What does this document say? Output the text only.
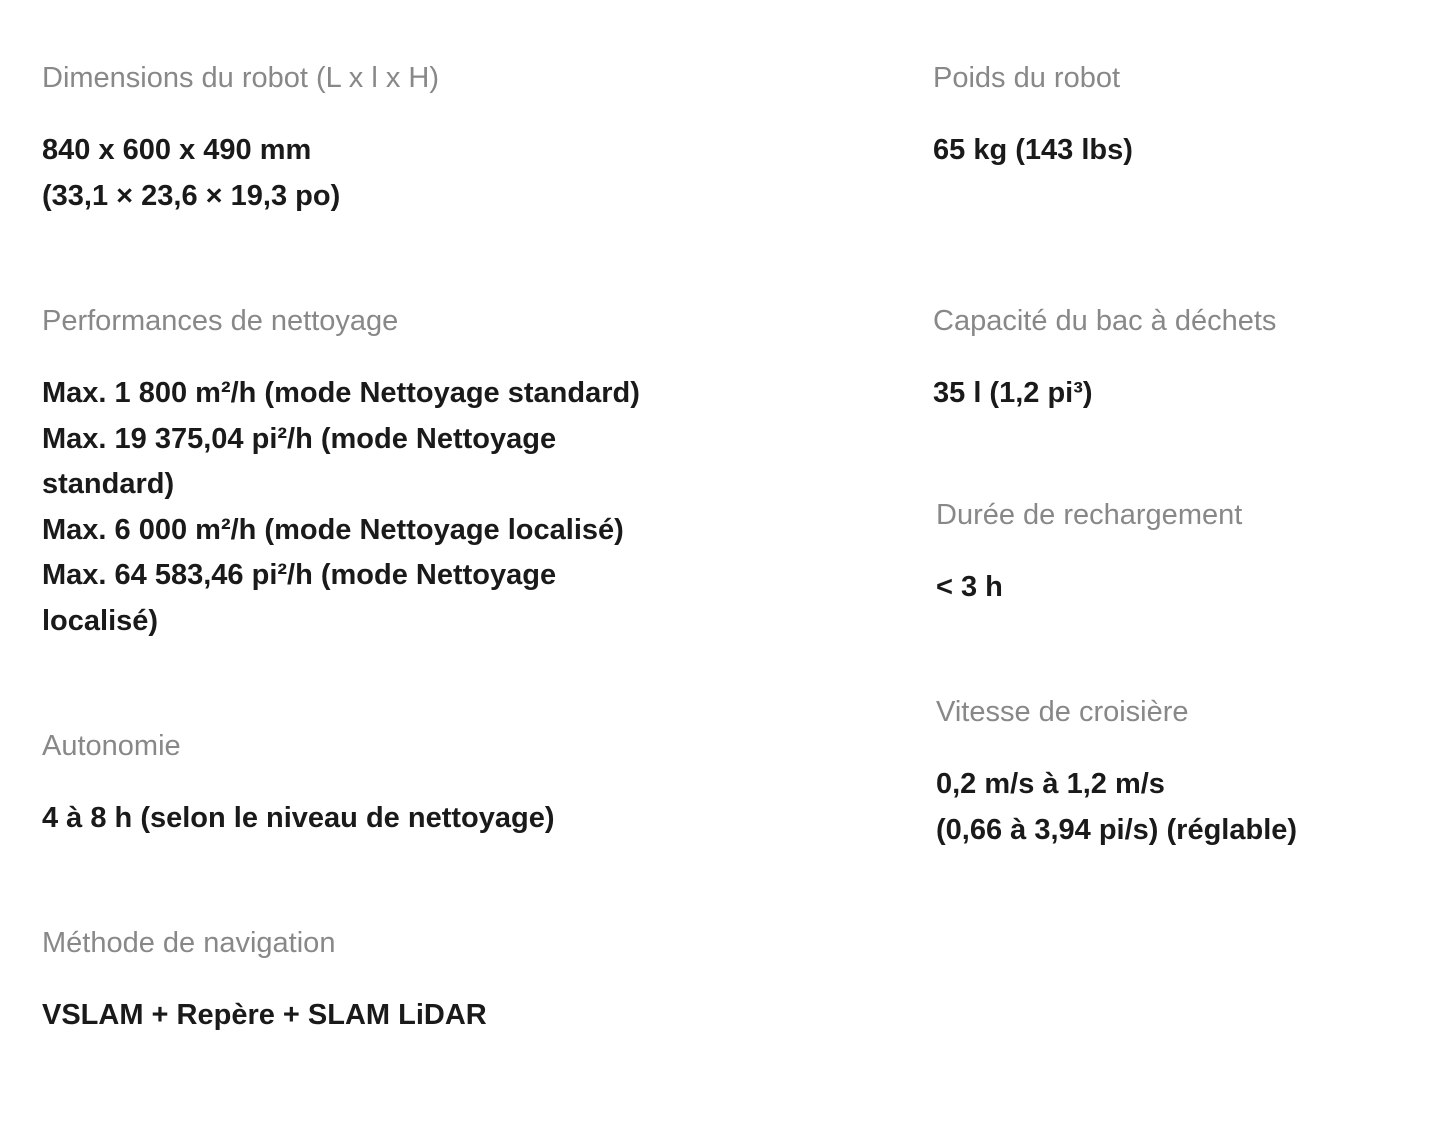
Dimensions du robot (L x l x H)
840 x 600 x 490 mm
(33,1 × 23,6 × 19,3 po)
Performances de nettoyage
Max. 1 800 m²/h (mode Nettoyage standard)
Max. 19 375,04 pi²/h (mode Nettoyage
standard)
Max. 6 000 m²/h (mode Nettoyage localisé)
Max. 64 583,46 pi²/h (mode Nettoyage
localisé)
Autonomie
4 à 8 h (selon le niveau de nettoyage)
Méthode de navigation
VSLAM + Repère + SLAM LiDAR
Poids du robot
65 kg (143 lbs)
Capacité du bac à déchets
35 l (1,2 pi³)
Durée de rechargement
< 3 h
Vitesse de croisière
0,2 m/s à 1,2 m/s
(0,66 à 3,94 pi/s) (réglable)
